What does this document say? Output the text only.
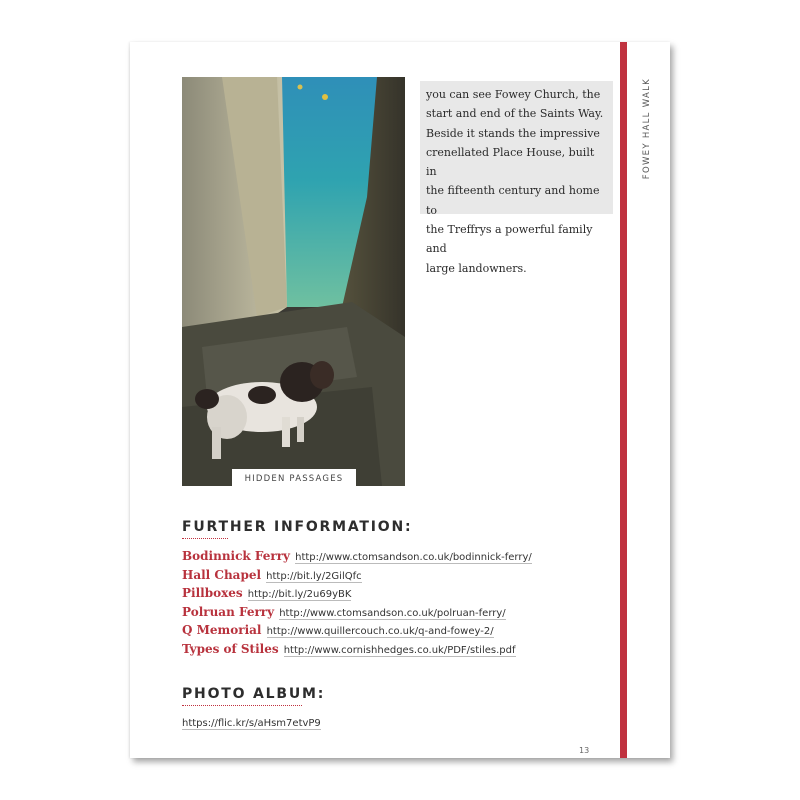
FOWEY HALL WALK
HIDDEN PASSAGES
you can see Fowey Church, the
start and end of the Saints Way.
Beside it stands the impressive
crenellated Place House, built in
the fifteenth century and home to
the Treffrys a powerful family and
large landowners.
FURTHER INFORMATION:
Bodinnick Ferry http://www.ctomsandson.co.uk/bodinnick-ferry/
Hall Chapel http://bit.ly/2GilQfc
Pillboxes http://bit.ly/2u69yBK
Polruan Ferry http://www.ctomsandson.co.uk/polruan-ferry/
Q Memorial http://www.quillercouch.co.uk/q-and-fowey-2/
Types of Stiles http://www.cornishhedges.co.uk/PDF/stiles.pdf
PHOTO ALBUM:
https://flic.kr/s/aHsm7etvP9
13
